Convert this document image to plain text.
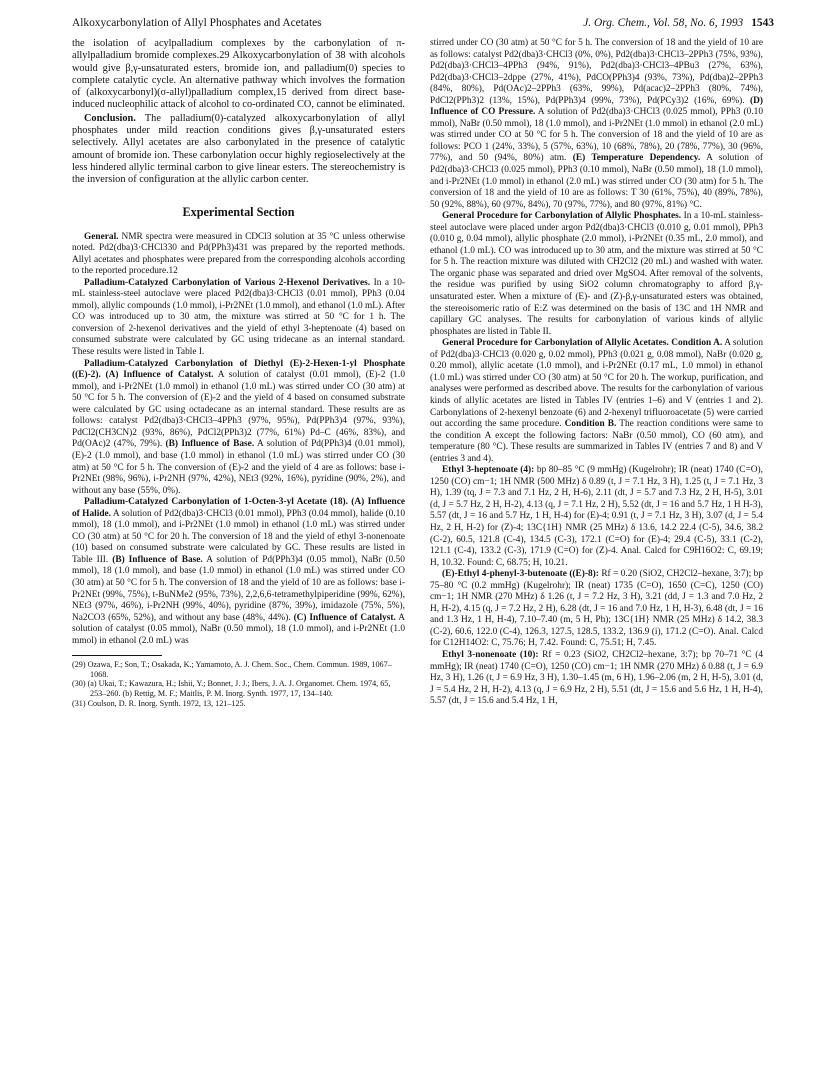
Alkoxycarbonylation of Allyl Phosphates and Acetates	J. Org. Chem., Vol. 58, No. 6, 1993 1543

the isolation of acylpalladium complexes by the carbonylation of π-allylpalladium bromide complexes.29 Alkoxycarbonylation of 38 with alcohols would give β,γ-unsaturated esters, bromide ion, and palladium(0) species to complete catalytic cycle. An alternative pathway which involves the formation of (alkoxycarbonyl)(σ-allyl)palladium complex,15 derived from direct base-induced nucleophilic attack of alcohol to co-ordinated CO, cannot be eliminated.

Conclusion. The palladium(0)-catalyzed alkoxycarbonylation of allyl phosphates under mild reaction conditions gives β,γ-unsaturated esters selectively. Allyl acetates are also carbonylated in the presence of catalytic amount of bromide ion. These carbonylation occur highly regioselectively at the less hindered allylic terminal carbon to give linear esters. The stereochemistry is the inversion of configuration at the allylic carbon center.

Experimental Section

General. NMR spectra were measured in CDCl3 solution at 35 °C unless otherwise noted. Pd2(dba)3·CHCl330 and Pd(PPh3)431 was prepared by the reported methods. Allyl acetates and phosphates were prepared from the corresponding alcohols according to the reported procedure.12

Palladium-Catalyzed Carbonylation of Various 2-Hexenol Derivatives. In a 10-mL stainless-steel autoclave were placed Pd2(dba)3·CHCl3 (0.01 mmol), PPh3 (0.04 mmol), allylic compounds (1.0 mmol), i-Pr2NEt (1.0 mmol), and ethanol (1.0 mL). After CO was introduced up to 30 atm, the mixture was stirred at 50 °C for 1 h. The conversion of 2-hexenol derivatives and the yield of ethyl 3-heptenoate (4) based on consumed substrate were calculated by GC using tridecane as an internal standard. These results were listed in Table I.

Palladium-Catalyzed Carbonylation of Diethyl (E)-2-Hexen-1-yl Phosphate ((E)-2). (A) Influence of Catalyst. A solution of catalyst (0.01 mmol), (E)-2 (1.0 mmol), and i-Pr2NEt (1.0 mmol) in ethanol (1.0 mL) was stirred under CO (30 atm) at 50 °C for 5 h. The conversion of (E)-2 and the yield of 4 based on consumed substrate were calculated by GC using octadecane as an internal standard. These results are as follows: catalyst Pd2(dba)3·CHCl3–4PPh3 (97%, 95%), Pd(PPh3)4 (97%, 93%), PdCl2(CH3CN)2 (93%, 86%), PdCl2(PPh3)2 (77%, 61%) Pd–C (46%, 83%), and Pd(OAc)2 (47%, 79%). (B) Influence of Base. A solution of Pd(PPh3)4 (0.01 mmol), (E)-2 (1.0 mmol), and base (1.0 mmol) in ethanol (1.0 mL) was stirred under CO (30 atm) at 50 °C for 5 h. The conversion of (E)-2 and the yield of 4 are as follows: base i-Pr2NEt (98%, 96%), i-Pr2NH (97%, 42%), NEt3 (92%, 16%), pyridine (90%, 2%), and without any base (55%, 0%).

Palladium-Catalyzed Carbonylation of 1-Octen-3-yl Acetate (18). (A) Influence of Halide. A solution of Pd2(dba)3·CHCl3 (0.01 mmol), PPh3 (0.04 mmol), halide (0.10 mmol), 18 (1.0 mmol), and i-Pr2NEt (1.0 mmol) in ethanol (1.0 mL) was stirred under CO (30 atm) at 50 °C for 20 h. The conversion of 18 and the yield of ethyl 3-nonenoate (10) based on consumed substrate were calculated by GC. These results are listed in Table III. (B) Influence of Base. A solution of Pd(PPh3)4 (0.05 mmol), NaBr (0.50 mmol), 18 (1.0 mmol), and base (1.0 mmol) in ethanol (1.0 mL) was stirred under CO (30 atm) at 50 °C for 5 h. The conversion of 18 and the yield of 10 are as follows: base i-Pr2NEt (99%, 75%), t-BuNMe2 (95%, 73%), 2,2,6,6-tetramethylpiperidine (99%, 62%), NEt3 (97%, 46%), i-Pr2NH (99%, 40%), pyridine (87%, 39%), imidazole (75%, 5%), Na2CO3 (65%, 52%), and without any base (48%, 44%). (C) Influence of Catalyst. A solution of catalyst (0.05 mmol), NaBr (0.50 mmol), 18 (1.0 mmol), and i-Pr2NEt (1.0 mmol) in ethanol (2.0 mL) was

(29) Ozawa, F.; Son, T.; Osakada, K.; Yamamoto, A. J. Chem. Soc., Chem. Commun. 1989, 1067–1068.
(30) (a) Ukai, T.; Kawazura, H.; Ishii, Y.; Bonnet, J. J.; Ibers, J. A. J. Organomet. Chem. 1974, 65, 253–260. (b) Rettig, M. F.; Maitlis, P. M. Inorg. Synth. 1977, 17, 134–140.
(31) Coulson, D. R. Inorg. Synth. 1972, 13, 121–125.

stirred under CO (30 atm) at 50 °C for 5 h. The conversion of 18 and the yield of 10 are as follows: catalyst Pd2(dba)3·CHCl3 (0%, 0%), Pd2(dba)3·CHCl3–2PPh3 (75%, 93%), Pd2(dba)3·CHCl3–4PPh3 (94%, 91%), Pd2(dba)3·CHCl3–4PBu3 (27%, 63%), Pd2(dba)3·CHCl3–2dppe (27%, 41%), PdCO(PPh3)4 (93%, 73%), Pd(dba)2–2PPh3 (84%, 80%), Pd(OAc)2–2PPh3 (63%, 99%), Pd(acac)2–2PPh3 (80%, 74%), PdCl2(PPh3)2 (13%, 15%), Pd(PPh3)4 (99%, 73%), Pd(PCy3)2 (16%, 69%). (D) Influence of CO Pressure. A solution of Pd2(dba)3·CHCl3 (0.025 mmol), PPh3 (0.10 mmol), NaBr (0.50 mmol), 18 (1.0 mmol), and i-Pr2NEt (1.0 mmol) in ethanol (2.0 mL) was stirred under CO at 50 °C for 5 h. The conversion of 18 and the yield of 10 are as follows: PCO 1 (24%, 33%), 5 (57%, 63%), 10 (68%, 78%), 20 (78%, 77%), 30 (96%, 77%), and 50 (94%, 80%) atm. (E) Temperature Dependency. A solution of Pd2(dba)3·CHCl3 (0.025 mmol), PPh3 (0.10 mmol), NaBr (0.50 mmol), 18 (1.0 mmol), and i-Pr2NEt (1.0 mmol) in ethanol (2.0 mL) was stirred under CO (30 atm) for 5 h. The conversion of 18 and the yield of 10 are as follows: T 30 (61%, 75%), 40 (89%, 78%), 50 (92%, 88%), 60 (97%, 84%), 70 (97%, 77%), and 80 (97%, 81%) °C.

General Procedure for Carbonylation of Allylic Phosphates. In a 10-mL stainless-steel autoclave were placed under argon Pd2(dba)3·CHCl3 (0.010 g, 0.01 mmol), PPh3 (0.010 g, 0.04 mmol), allylic phosphate (2.0 mmol), i-Pr2NEt (0.35 mL, 2.0 mmol), and ethanol (1.0 mL). CO was introduced up to 30 atm, and the mixture was stirred at 50 °C for 5 h. The reaction mixture was diluted with CH2Cl2 (20 mL) and washed with water. The organic phase was separated and dried over MgSO4. After removal of the solvents, the residue was purified by using SiO2 column chromatography to afford β,γ-unsaturated ester. When a mixture of (E)- and (Z)-β,γ-unsaturated esters was obtained, the stereoisomeric ratio of E:Z was determined on the basis of 13C and 1H NMR and capillary GC analyses. The results for carbonylation of various kinds of allylic phosphates are listed in Table II.

General Procedure for Carbonylation of Allylic Acetates. Condition A. A solution of Pd2(dba)3·CHCl3 (0.020 g, 0.02 mmol), PPh3 (0.021 g, 0.08 mmol), NaBr (0.020 g, 0.20 mmol), allylic acetate (1.0 mmol), and i-Pr2NEt (0.17 mL, 1.0 mmol) in ethanol (1.0 mL) was stirred under CO (30 atm) at 50 °C for 20 h. The workup, purification, and analyses were performed as described above. The results for the carbonylation of various kinds of allylic acetates are listed in Tables IV (entries 1–6) and V (entries 1 and 2). Carbonylations of 2-hexenyl benzoate (6) and 2-hexenyl trifluoroacetate (5) were carried out according the same procedure. Condition B. The reaction conditions were same to the condition A except the following factors: NaBr (0.50 mmol), CO (60 atm), and temperature (80 °C). These results are summarized in Tables IV (entries 7 and 8) and V (entries 3 and 4).

Ethyl 3-heptenoate (4): bp 80–85 °C (9 mmHg) (Kugelrohr); IR (neat) 1740 (C=O), 1250 (CO) cm−1; 1H NMR (500 MHz) δ 0.89 (t, J = 7.1 Hz, 3 H), 1.25 (t, J = 7.1 Hz, 3 H), 1.39 (tq, J = 7.3 and 7.1 Hz, 2 H, H-6), 2.11 (dt, J = 5.7 and 7.3 Hz, 2 H, H-5), 3.01 (d, J = 5.7 Hz, 2 H, H-2), 4.13 (q, J = 7.1 Hz, 2 H), 5.52 (dt, J = 16 and 5.7 Hz, 1 H H-3), 5.57 (dt, J = 16 and 5.7 Hz, 1 H, H-4) for (E)-4; 0.91 (t, J = 7.1 Hz, 3 H), 3.07 (d, J = 5.4 Hz, 2 H, H-2) for (Z)-4; 13C{1H} NMR (25 MHz) δ 13.6, 14.2 22.4 (C-5), 34.6, 38.2 (C-2), 60.5, 121.8 (C-4), 134.5 (C-3), 172.1 (C=O) for (E)-4; 29.4 (C-5), 33.1 (C-2), 121.1 (C-4), 133.2 (C-3), 171.9 (C=O) for (Z)-4. Anal. Calcd for C9H16O2: C, 69.19; H, 10.32. Found: C, 68.75; H, 10.21.

(E)-Ethyl 4-phenyl-3-butenoate ((E)-8): Rf = 0.20 (SiO2, CH2Cl2–hexane, 3:7); bp 75–80 °C (0.2 mmHg) (Kugelrohr); IR (neat) 1735 (C=O), 1650 (C=C), 1250 (CO) cm−1; 1H NMR (270 MHz) δ 1.26 (t, J = 7.2 Hz, 3 H), 3.21 (dd, J = 1.3 and 7.0 Hz, 2 H, H-2), 4.15 (q, J = 7.2 Hz, 2 H), 6.28 (dt, J = 16 and 7.0 Hz, 1 H, H-3), 6.48 (dt, J = 16 and 1.3 Hz, 1 H, H-4), 7.10–7.40 (m, 5 H, Ph); 13C{1H} NMR (25 MHz) δ 14.2, 38.3 (C-2), 60.6, 122.0 (C-4), 126.3, 127.5, 128.5, 133.2, 136.9 (i), 171.2 (C=O). Anal. Calcd for C12H14O2: C, 75.76; H, 7.42. Found: C, 75.51; H, 7.45.

Ethyl 3-nonenoate (10): Rf = 0.23 (SiO2, CH2Cl2–hexane, 3:7); bp 70–71 °C (4 mmHg); IR (neat) 1740 (C=O), 1250 (CO) cm−1; 1H NMR (270 MHz) δ 0.88 (t, J = 6.9 Hz, 3 H), 1.26 (t, J = 6.9 Hz, 3 H), 1.30–1.45 (m, 6 H), 1.96–2.06 (m, 2 H, H-5), 3.01 (d, J = 5.4 Hz, 2 H, H-2), 4.13 (q, J = 6.9 Hz, 2 H), 5.51 (dt, J = 15.6 and 5.6 Hz, 1 H, H-4), 5.57 (dt, J = 15.6 and 5.4 Hz, 1 H,
